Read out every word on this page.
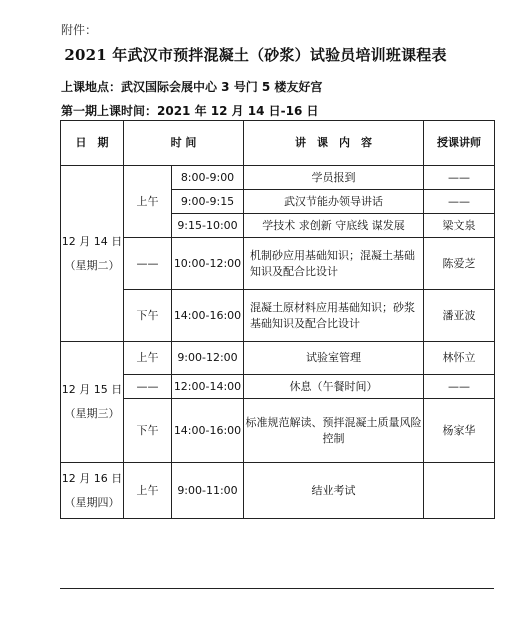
附件：
2021 年武汉市预拌混凝土（砂浆）试验员培训班课程表
上课地点：武汉国际会展中心 3 号门 5 楼友好宫
第一期上课时间：2021 年 12 月 14 日-16 日
日　期	时 间		讲　课　内　容	授课讲师

12 月 14 日
（星期二）	上午	8:00-9:00	学员报到	——
		9:00-9:15	武汉节能办领导讲话	——
		9:15-10:00	学技术 求创新 守底线 谋发展	梁文泉
	——	10:00-12:00	机制砂应用基础知识；混凝土基础知识及配合比设计	陈爱芝
	下午	14:00-16:00	混凝土原材料应用基础知识；砂浆基础知识及配合比设计	潘亚波

12 月 15 日
（星期三）	上午	9:00-12:00	试验室管理	林怀立
	——	12:00-14:00	休息（午餐时间）	——
	下午	14:00-16:00	标准规范解读、预拌混凝土质量风险控制	杨家华

12 月 16 日
（星期四）	上午	9:00-11:00	结业考试	
